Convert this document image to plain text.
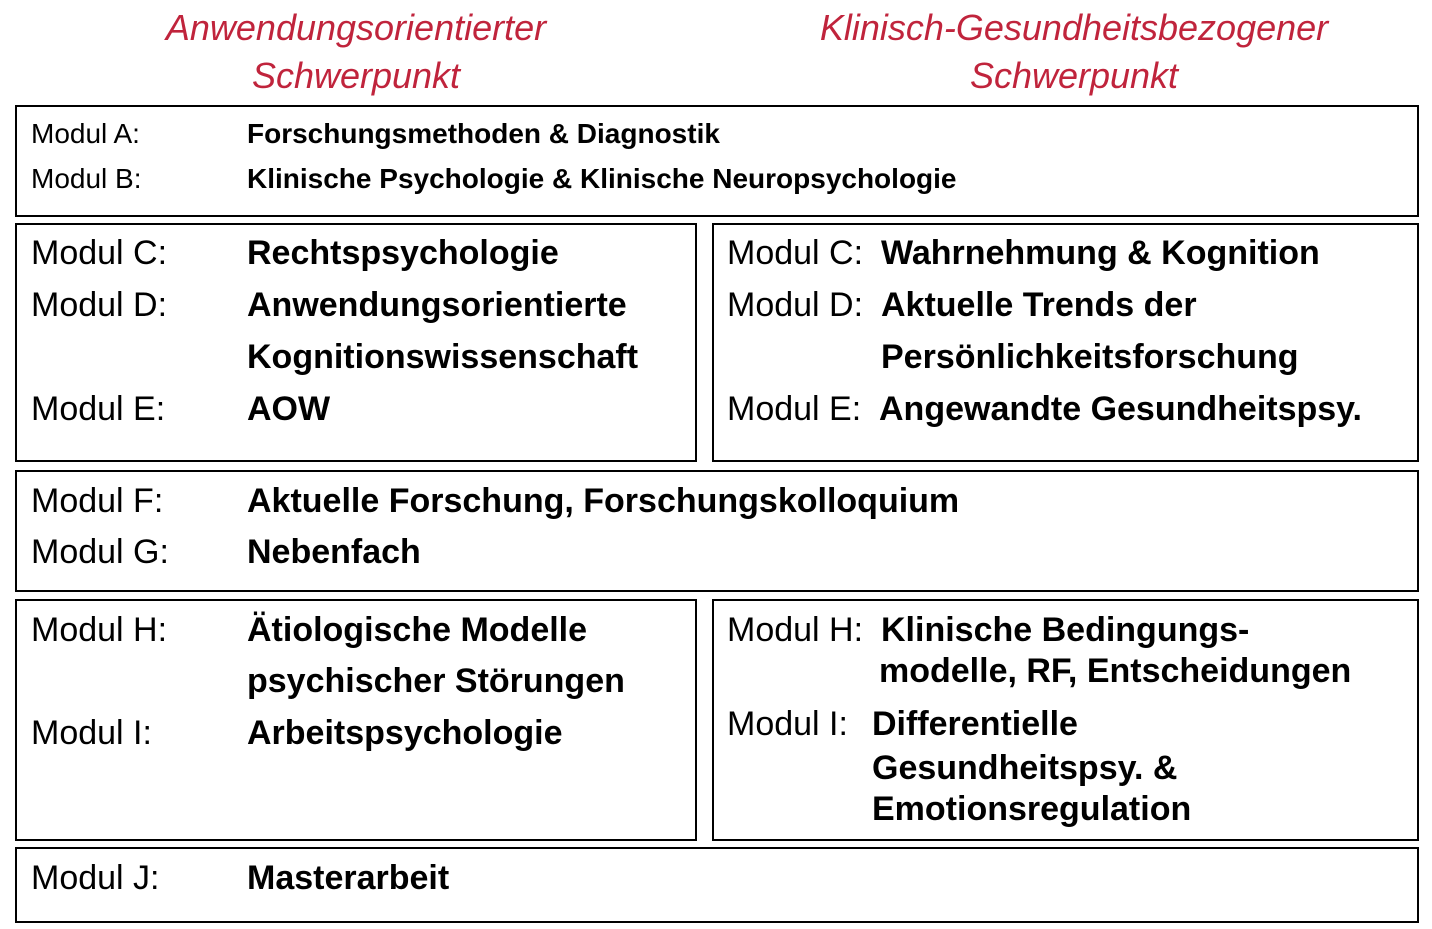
Anwendungsorientierter
Schwerpunkt
Klinisch-Gesundheitsbezogener
Schwerpunkt
Modul A:	Forschungsmethoden & Diagnostik
Modul B:	Klinische Psychologie & Klinische Neuropsychologie
Modul C: Rechtspsychologie
Modul D: Anwendungsorientierte
Kognitionswissenschaft
Modul E: AOW
Modul C: Wahrnehmung & Kognition
Modul D: Aktuelle Trends der
Persönlichkeitsforschung
Modul E: Angewandte Gesundheitspsy.
Modul F: Aktuelle Forschung, Forschungskolloquium
Modul G: Nebenfach
Modul H: Ätiologische Modelle
psychischer Störungen
Modul I:	Arbeitspsychologie
Modul H: Klinische Bedingungs-
modelle, RF, Entscheidungen
Modul I: Differentielle
Gesundheitspsy. &
Emotionsregulation
Modul J:	Masterarbeit
